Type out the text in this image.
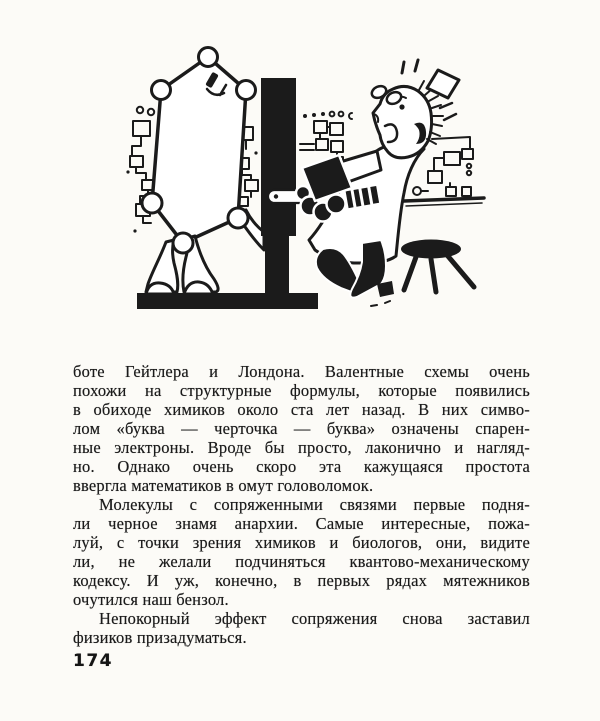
боте Гейтлера и Лондона. Валентные схемы очень

похожи на структурные формулы, которые появились

в обиходе химиков около ста лет назад. В них симво-

лом «буква — черточка — буква» означены спарен-

ные электроны. Вроде бы просто, лаконично и нагляд-

но. Однако очень скоро эта кажущаяся простота

ввергла математиков в омут головоломок.

Молекулы с сопряженными связями первые подня-

ли черное знамя анархии. Самые интересные, пожа-

луй, с точки зрения химиков и биологов, они, видите

ли, не желали подчиняться квантово-механическому

кодексу. И уж, конечно, в первых рядах мятежников

очутился наш бензол.

Непокорный эффект сопряжения снова заставил

физиков призадуматься.

174
